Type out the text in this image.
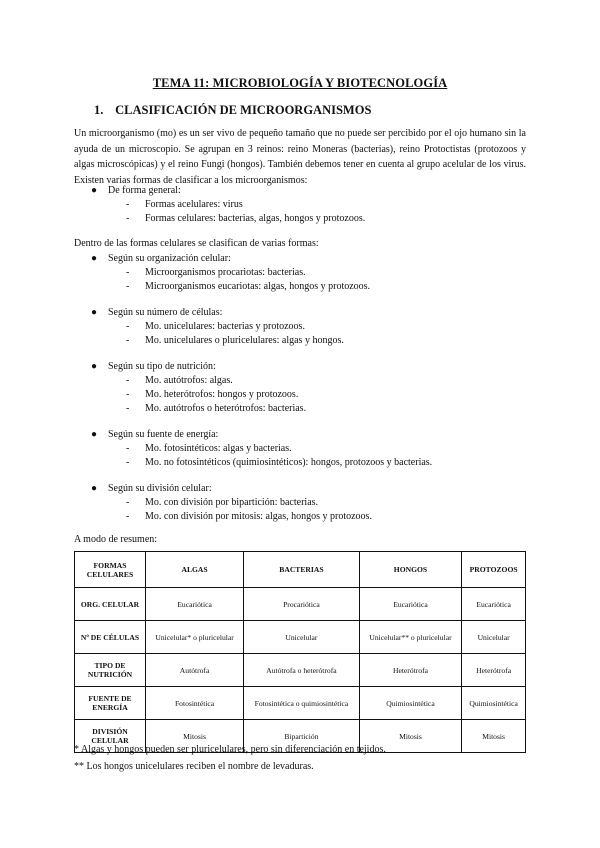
TEMA 11: MICROBIOLOGÍA Y BIOTECNOLOGÍA
1. CLASIFICACIÓN DE MICROORGANISMOS
Un microorganismo (mo) es un ser vivo de pequeño tamaño que no puede ser percibido por el ojo humano sin la ayuda de un microscopio. Se agrupan en 3 reinos: reino Moneras (bacterias), reino Protoctistas (protozoos y algas microscópicas) y el reino Fungi (hongos). También debemos tener en cuenta al grupo acelular de los virus. Existen varias formas de clasificar a los microorganismos:
● De forma general:
- Formas acelulares: virus
- Formas celulares: bacterias, algas, hongos y protozoos.
Dentro de las formas celulares se clasifican de varias formas:
● Según su organización celular:
- Microorganismos procariotas: bacterias.
- Microorganismos eucariotas: algas, hongos y protozoos.
● Según su número de células:
- Mo. unicelulares: bacterias y protozoos.
- Mo. unicelulares o pluricelulares: algas y hongos.
● Según su tipo de nutrición:
- Mo. autótrofos: algas.
- Mo. heterótrofos: hongos y protozoos.
- Mo. autótrofos o heterótrofos: bacterias.
● Según su fuente de energía:
- Mo. fotosintéticos: algas y bacterias.
- Mo. no fotosintéticos (quimiosintéticos): hongos, protozoos y bacterias.
● Según su división celular:
- Mo. con división por bipartición: bacterias.
- Mo. con división por mitosis: algas, hongos y protozoos.
A modo de resumen:
FORMAS CELULARES	ALGAS	BACTERIAS	HONGOS	PROTOZOOS
ORG. CELULAR	Eucariótica	Procariótica	Eucariótica	Eucariótica
Nº DE CÉLULAS	Unicelular* o pluricelular	Unicelular	Unicelular** o pluricelular	Unicelular
TIPO DE NUTRICIÓN	Autótrofa	Autótrofa o heterótrofa	Heterótrofa	Heterótrofa
FUENTE DE ENERGÍA	Fotosintética	Fotosintética o quimiosintética	Quimiosintética	Quimiosintética
DIVISIÓN CELULAR	Mitosis	Bipartición	Mitosis	Mitosis
* Algas y hongos pueden ser pluricelulares, pero sin diferenciación en tejidos.
** Los hongos unicelulares reciben el nombre de levaduras.
